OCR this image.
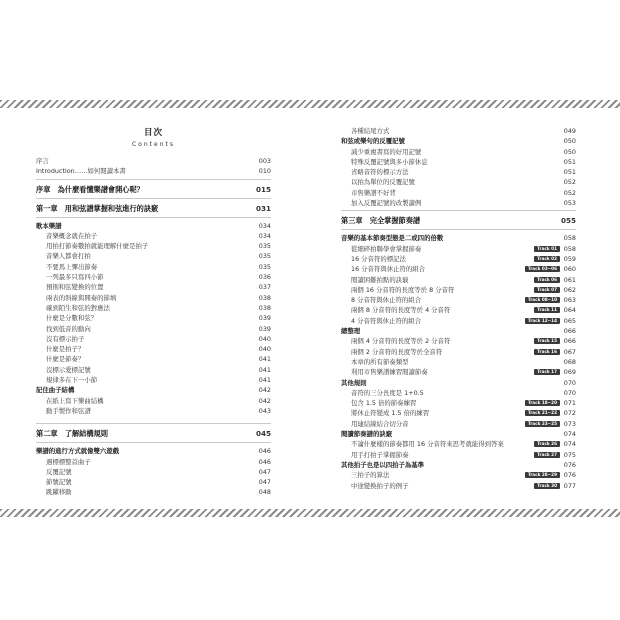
目次
Contents
序言	003
Introduction……如何閱讀本書	010
序章　為什麼看懂樂譜會開心呢？	015
第一章　用和弦譜掌握和弦進行的訣竅	031
歌本樂譜	034
音樂概念就在拍子	034
用拍打節奏數拍就能理解什麼是拍子	035
音樂人都會打拍	035
不要馬上彈出節奏	035
一列最多只寫四小節	036
預則和弦變換的位置	037
兩表的斜線與開奏的節填	038
確到陌生和弦的對應法	038
什麼是分數和弦？	039
找到低音的動向	039
沒有標示拍子	040
什麼是拍子？	040
什麼是節奏？	041
沒標示愛標記號	041
規律多在下一小節	041
記住曲子結構	042
在紙上寫下樂曲結構	042
動手製作和弦譜	043
第二章　了解結構規則	045
樂譜的進行方式就像雙六遊戲	046
遇標標整首曲子	046
反覆記號	047
節號記號	047
跳躍移動	048
各種結尾方式	049
和弦或樂句的反覆記號	050
減少重複書寫的好用記號	050
特殊反覆記號與多小節休息	051
省略音符的標示方法	051
以拍為單位的反覆記號	052
市售樂譜不好背	052
加入反覆記號的改製讀例	053
第三章　完全掌握節奏譜	055
音樂的基本節奏型態是二或四的倍數	058
從細碎拍聯學會掌握節奏	Track 01	058
16 分音符的標記法	Track 02	059
16 分音符與休止符的組合	Track 03~06	060
閱讀困難拍點的訣竅	Track 06	061
兩個 16 分音符的長度等於 8 分音符	Track 07	062
8 分音符與休止符的組合	Track 08~10	063
兩個 8 分音符的長度等於 4 分音符	Track 11	064
4 分音符與休止符的組合	Track 12~14	065
總整理	066
兩個 4 分音符的長度等於 2 分音符	Track 15	066
兩個 2 分音符的長度等於全音符	Track 16	067
本章的所有節奏類型	068
利用市售樂譜練習閱讀節奏	Track 17	069
其他規則	070
音符的三分長度是 1+0.5	070
包含 1.5 倍的節奏練習	Track 18~20	071
將休止符變成 1.5 倍的練習	Track 21~22	072
用連結線結合切分音	Track 23~25	073
閱讀節奏譜的訣竅	074
不論什麼樣的節奏都用 16 分音符來思考就能得到答案	Track 26	074
用手打拍子掌握節奏	Track 27	075
其他拍子也是以四拍子為基準	076
三拍子的算法	Track 28~29	076
中途變換拍子的例子	Track 30	077
